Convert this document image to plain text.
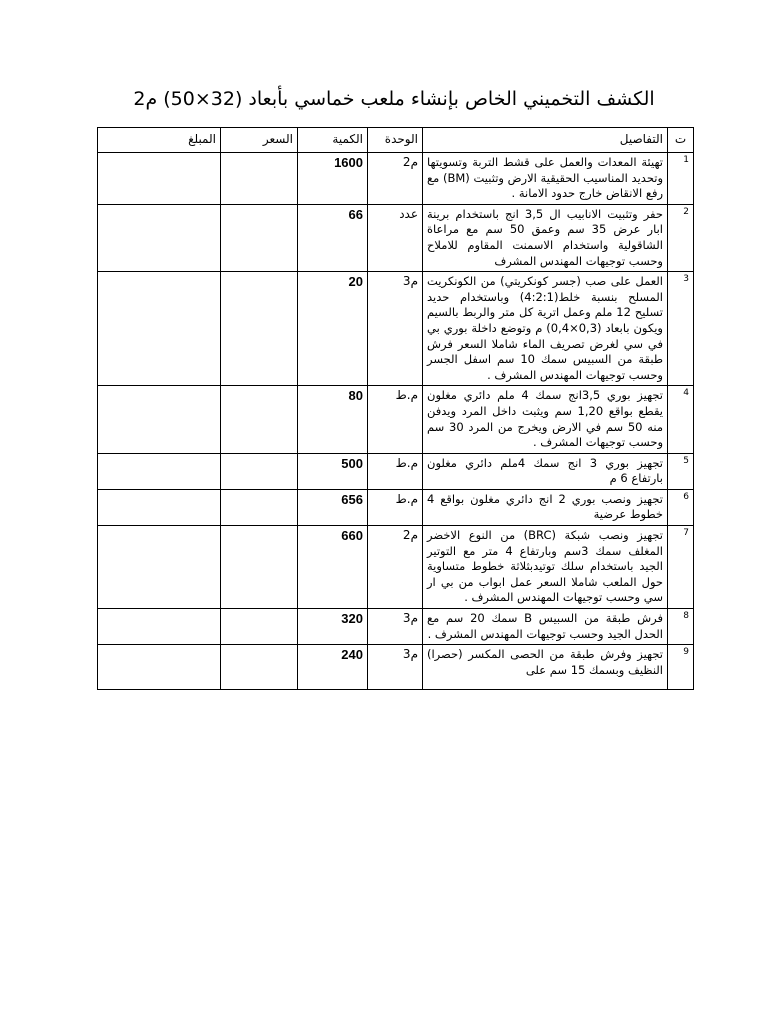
الكشف التخميني الخاص بإنشاء ملعب خماسي بأبعاد (32×50) م2
المبلغ	السعر	الكمية	الوحدة	التفاصيل	ت
		1600	م2	تهيئة المعدات والعمل على قشط التربة وتسويتها وتحديد المناسيب الحقيقية الارض وتثبيت (BM) مع رفع الانقاض خارج حدود الامانة .	1
		66	عدد	حفر وتثبيت الانابيب ال 3,5 انج باستخدام برينة ابار عرض 35 سم وعمق 50 سم مع مراعاة الشاقولية واستخدام الاسمنت المقاوم للاملاح وحسب توجيهات المهندس المشرف	2
		20	م3	العمل على صب (جسر كونكريتي) من الكونكريت المسلح بنسبة خلط(4:2:1) وباستخدام حديد تسليح 12 ملم وعمل اترية كل متر والربط بالسيم ويكون بابعاد (0,3×0,4) م وتوضع داخلة بوري بي في سي لغرض تصريف الماء شاملا السعر فرش طبقة من السبيس سمك 10 سم اسفل الجسر وحسب توجيهات المهندس المشرف .	3
		80	م.ط	تجهيز بوري 3,5انج سمك 4 ملم دائري مغلون يقطع بواقع 1,20 سم ويثبت داخل المرد ويدفن منه 50 سم في الارض ويخرج من المرد 30 سم وحسب توجيهات المشرف .	4
		500	م.ط	تجهيز بوري 3 انج سمك 4ملم دائري مغلون بارتفاع 6 م	5
		656	م.ط	تجهيز ونصب بوري 2 انج دائري مغلون بواقع 4 خطوط عرضية	6
		660	م2	تجهيز ونصب شبكة (BRC) من النوع الاخضر المغلف سمك 3سم وبارتفاع 4 متر مع التوتير الجيد باستخدام سلك توتيدبثلاثة خطوط متساوية حول الملعب شاملا السعر عمل ابواب من بي ار سي وحسب توجيهات المهندس المشرف .	7
		320	م3	فرش طبقة من السبيس B سمك 20 سم مع الحدل الجيد وحسب توجيهات المهندس المشرف .	8
		240	م3	تجهيز وفرش طبقة من الحصى المكسر (حصرا) النظيف وبسمك 15 سم على	9
